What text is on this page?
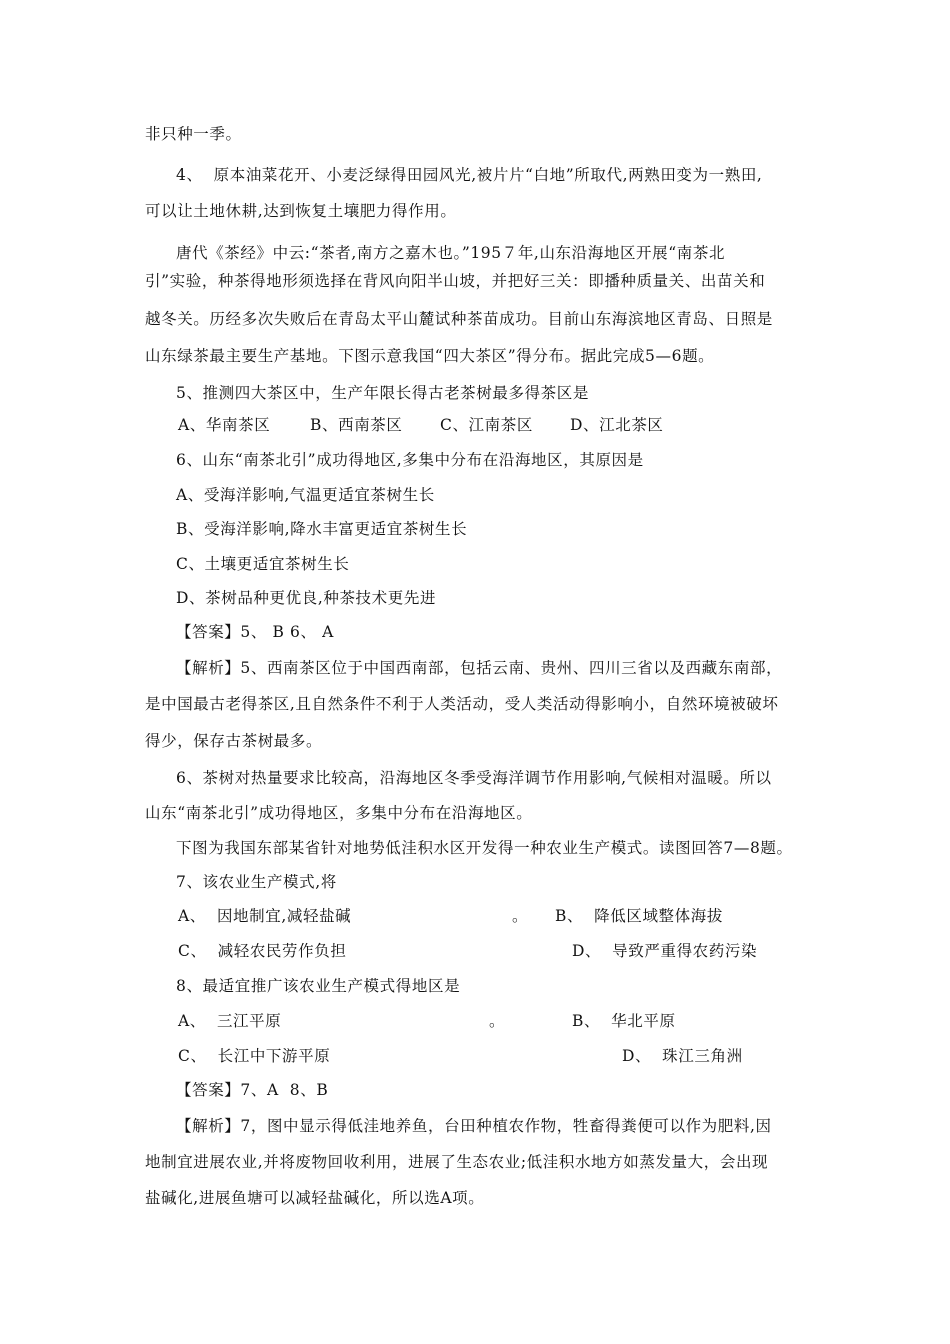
非只种一季。
4、  原本油菜花开、小麦泛绿得田园风光,被片片“白地”所取代,两熟田变为一熟田,
可以让土地休耕,达到恢复土壤肥力得作用。
唐代《茶经》中云:“茶者,南方之嘉木也。”195７年,山东沿海地区开展“南茶北
引”实验，种茶得地形须选择在背风向阳半山坡，并把好三关：即播种质量关、出苗关和
越冬关。历经多次失败后在青岛太平山麓试种茶苗成功。目前山东海滨地区青岛、日照是
山东绿茶最主要生产基地。下图示意我国“四大茶区”得分布。据此完成5—6题。
5、推测四大茶区中，生产年限长得古老茶树最多得茶区是
A、华南茶区	B、西南茶区 C、江南茶区 D、江北茶区
6、山东“南茶北引”成功得地区,多集中分布在沿海地区，其原因是
A、受海洋影响,气温更适宜茶树生长
B、受海洋影响,降水丰富更适宜茶树生长
C、土壤更适宜茶树生长
D、茶树品种更优良,种茶技术更先进
【答案】5、 B 6、 A
【解析】5、西南茶区位于中国西南部，包括云南、贵州、四川三省以及西藏东南部，
是中国最古老得茶区,且自然条件不利于人类活动，受人类活动得影响小，自然环境被破坏
得少，保存古茶树最多。
6、茶树对热量要求比较高，沿海地区冬季受海洋调节作用影响,气候相对温暖。所以
山东“南茶北引”成功得地区，多集中分布在沿海地区。
下图为我国东部某省针对地势低洼积水区开发得一种农业生产模式。读图回答7—8题。
7、该农业生产模式,将
A、  因地制宜,减轻盐碱	。 B、  降低区域整体海拔
C、  减轻农民劳作负担	D、  导致严重得农药污染
8、最适宜推广该农业生产模式得地区是
A、  三江平原	。	B、  华北平原
C、  长江中下游平原	D、  珠江三角洲
【答案】7、A  8、B
【解析】7，图中显示得低洼地养鱼，台田种植农作物，牲畜得粪便可以作为肥料,因
地制宜进展农业,并将废物回收利用，进展了生态农业;低洼积水地方如蒸发量大，会出现
盐碱化,进展鱼塘可以减轻盐碱化，所以选A项。
